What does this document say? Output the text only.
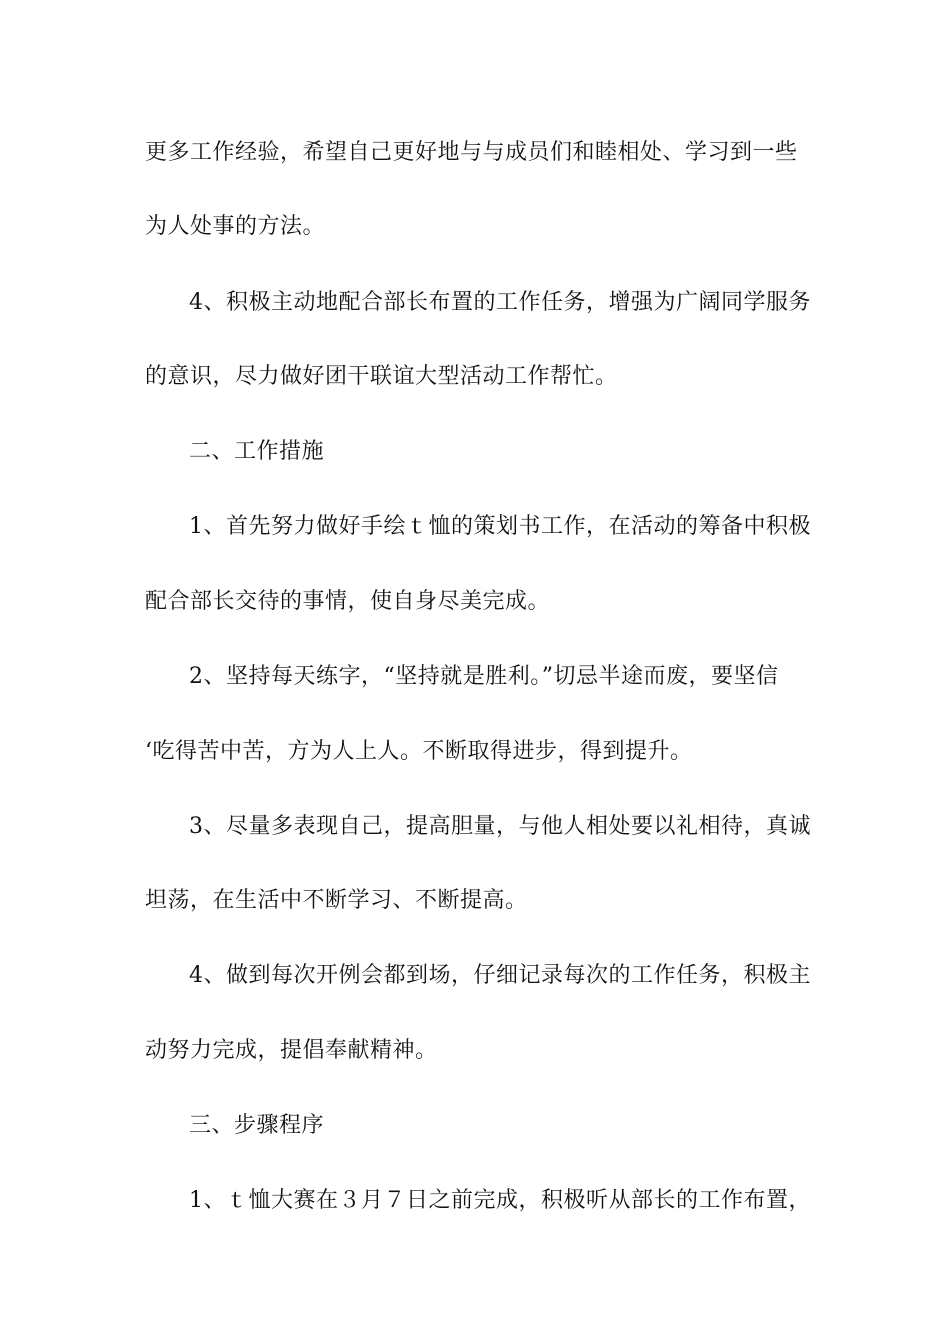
更多工作经验，希望自己更好地与与成员们和睦相处、学习到一些
为人处事的方法。
4、积极主动地配合部长布置的工作任务，增强为广阔同学服务
的意识，尽力做好团干联谊大型活动工作帮忙。
二、工作措施
1、首先努力做好手绘ｔ恤的策划书工作，在活动的筹备中积极
配合部长交待的事情，使自身尽美完成。
2、坚持每天练字，“坚持就是胜利。”切忌半途而废，要坚信
‘吃得苦中苦，方为人上人。不断取得进步，得到提升。
3、尽量多表现自己，提高胆量，与他人相处要以礼相待，真诚
坦荡，在生活中不断学习、不断提高。
4、做到每次开例会都到场，仔细记录每次的工作任务，积极主
动努力完成，提倡奉献精神。
三、步骤程序
1、ｔ恤大赛在３月７日之前完成，积极听从部长的工作布置，
